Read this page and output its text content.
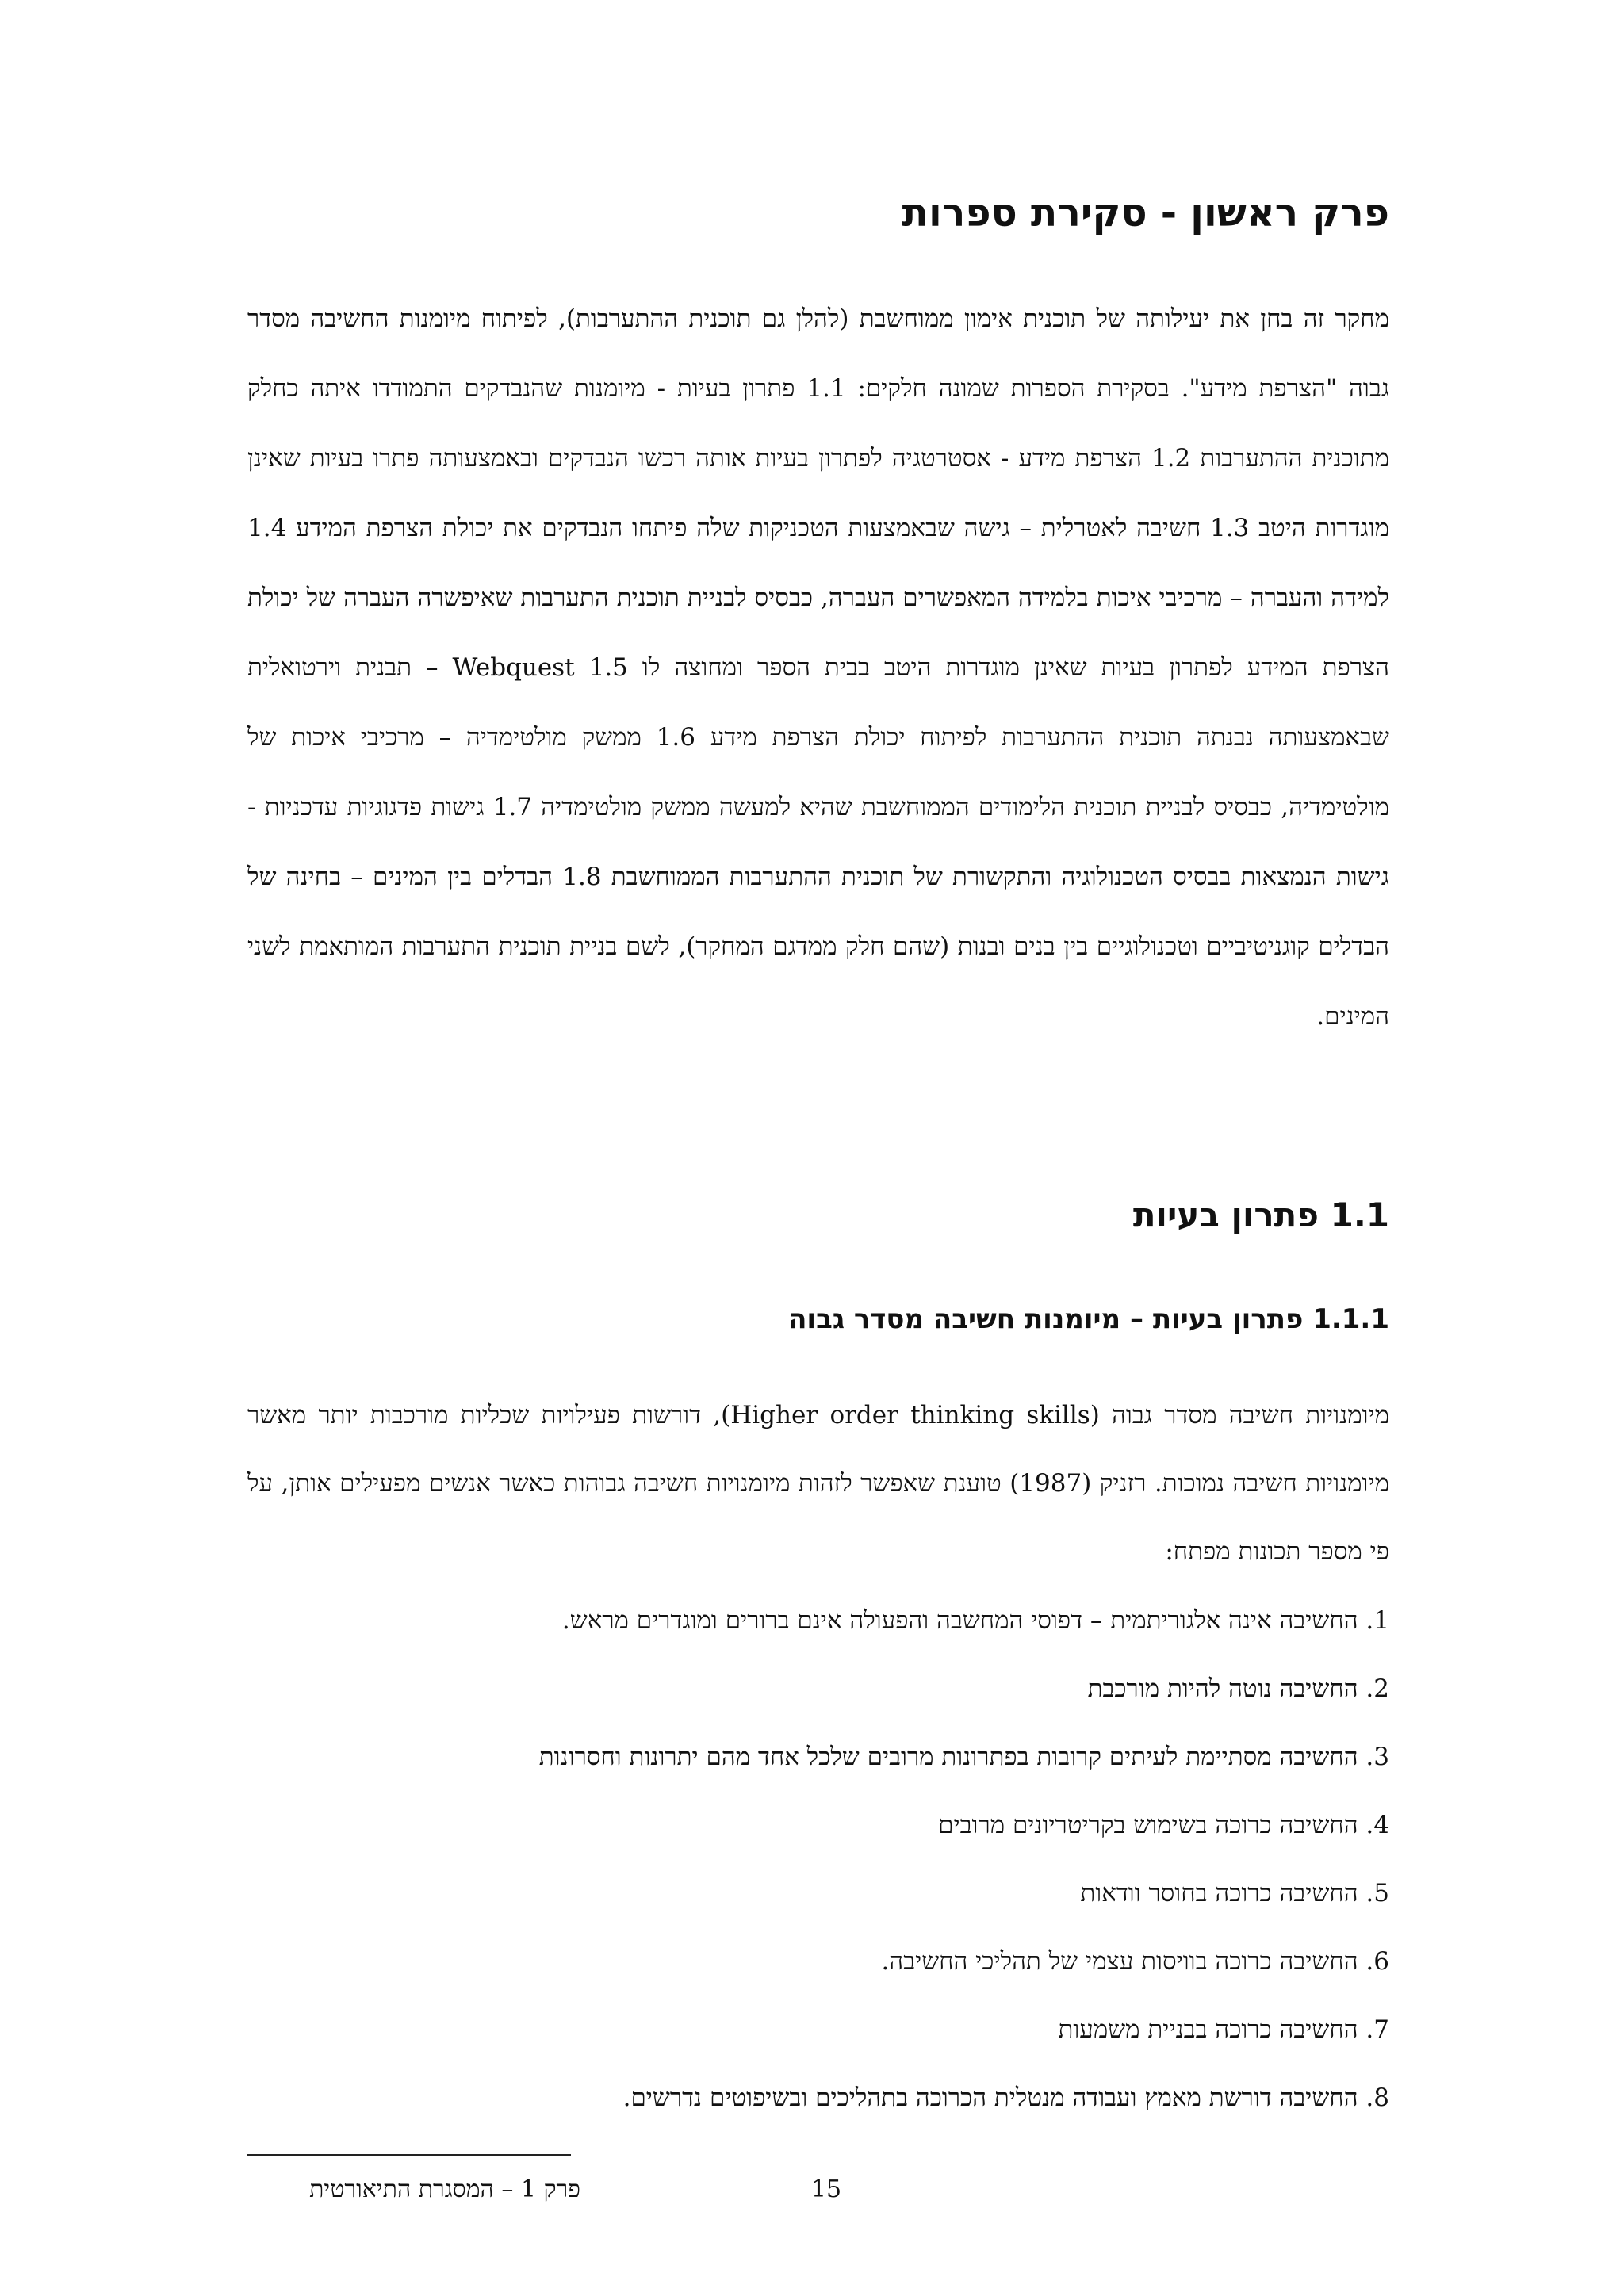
פרק ראשון - סקירת ספרות

מחקר זה בחן את יעילותה של תוכנית אימון ממוחשבת (להלן גם תוכנית ההתערבות), לפיתוח מיומנות החשיבה מסדר גבוה "הצרפת מידע". בסקירת הספרות שמונה חלקים: 1.1 פתרון בעיות - מיומנות שהנבדקים התמודדו איתה כחלק מתוכנית ההתערבות 1.2 הצרפת מידע - אסטרטגיה לפתרון בעיות אותה רכשו הנבדקים ובאמצעותה פתרו בעיות שאינן מוגדרות היטב 1.3 חשיבה לאטרלית – גישה שבאמצעות הטכניקות שלה פיתחו הנבדקים את יכולת הצרפת המידע 1.4 למידה והעברה – מרכיבי איכות בלמידה המאפשרים העברה, כבסיס לבניית תוכנית התערבות שאיפשרה העברה של יכולת הצרפת המידע לפתרון בעיות שאינן מוגדרות היטב בבית הספר ומחוצה לו Webquest 1.5 – תבנית וירטואלית שבאמצעותה נבנתה תוכנית ההתערבות לפיתוח יכולת הצרפת מידע 1.6 ממשק מולטימדיה – מרכיבי איכות של מולטימדיה, כבסיס לבניית תוכנית הלימודים הממוחשבת שהיא למעשה ממשק מולטימדיה 1.7 גישות פדגוגיות עדכניות - גישות הנמצאות בבסיס הטכנולוגיה והתקשורת של תוכנית ההתערבות הממוחשבת 1.8 הבדלים בין המינים – בחינה של הבדלים קוגניטיביים וטכנולוגיים בין בנים ובנות (שהם חלק ממדגם המחקר), לשם בניית תוכנית התערבות המותאמת לשני המינים.

1.1 פתרון בעיות
1.1.1 פתרון בעיות – מיומנות חשיבה מסדר גבוה

מיומנויות חשיבה מסדר גבוה (Higher order thinking skills), דורשות פעילויות שכליות מורכבות יותר מאשר מיומנויות חשיבה נמוכות. רזניק (1987) טוענת שאפשר לזהות מיומנויות חשיבה גבוהות כאשר אנשים מפעילים אותן, על פי מספר תכונות מפתח:

1. החשיבה אינה אלגוריתמית – דפוסי המחשבה והפעולה אינם ברורים ומוגדרים מראש.
2. החשיבה נוטה להיות מורכבת
3. החשיבה מסתיימת לעיתים קרובות בפתרונות מרובים שלכל אחד מהם יתרונות וחסרונות
4. החשיבה כרוכה בשימוש בקריטריונים מרובים
5. החשיבה כרוכה בחוסר וודאות
6. החשיבה כרוכה בוויסות עצמי של תהליכי החשיבה.
7. החשיבה כרוכה בבניית משמעות
8. החשיבה דורשת מאמץ ועבודה מנטלית הכרוכה בתהליכים ובשיפוטים נדרשים.
15
פרק 1 – המסגרת התיאורטית
